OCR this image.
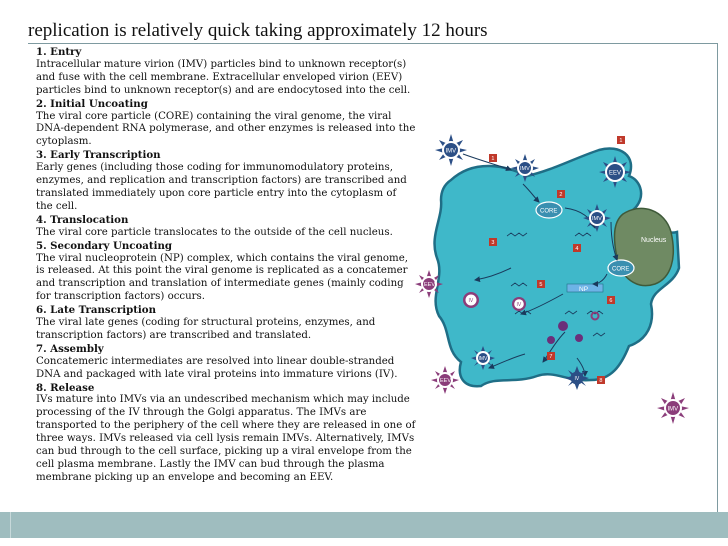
replication is relatively quick taking approximately 12 hours
1. Entry
Intracellular mature virion (IMV) particles bind to unknown receptor(s) and fuse with the cell membrane. Extracellular enveloped virion (EEV) particles bind to unknown receptor(s) and are endocytosed into the cell.
2. Initial Uncoating
The viral core particle (CORE) containing the viral genome, the viral DNA-dependent RNA polymerase, and other enzymes is released into the cytoplasm.
3. Early Transcription
Early genes (including those coding for immunomodulatory proteins, enzymes, and replication and transcription factors) are transcribed and translated immediately upon core particle entry into the cytoplasm of the cell.
4. Translocation
The viral core particle translocates to the outside of the cell nucleus.
5. Secondary Uncoating
The viral nucleoprotein (NP) complex, which contains the viral genome, is released. At this point the viral genome is replicated as a concatemer and transcription and translation of intermediate genes (mainly coding for transcription factors) occurs.
6. Late Transcription
The viral late genes (coding for structural proteins, enzymes, and transcription factors) are transcribed and translated.
7. Assembly
Concatemeric intermediates are resolved into linear double-stranded DNA and packaged with late viral proteins into immature virions (IV).
8. Release
IVs mature into IMVs via an undescribed mechanism which may include processing of the IV through the Golgi apparatus. The IMVs are transported to the periphery of the cell where they are released in one of three ways. IMVs released via cell lysis remain IMVs. Alternatively, IMVs can bud through to the cell surface, picking up a viral envelope from the cell plasma membrane. Lastly the IMV can bud through the plasma membrane picking up an envelope and becoming an EEV.
Nucleus
NP
CORE
CORE
IMV
IMV
EEV
IMV
EEV
IV
IV
IMV
EEV	IV
IMV
1
1
2
3
4
5
6
7
8
